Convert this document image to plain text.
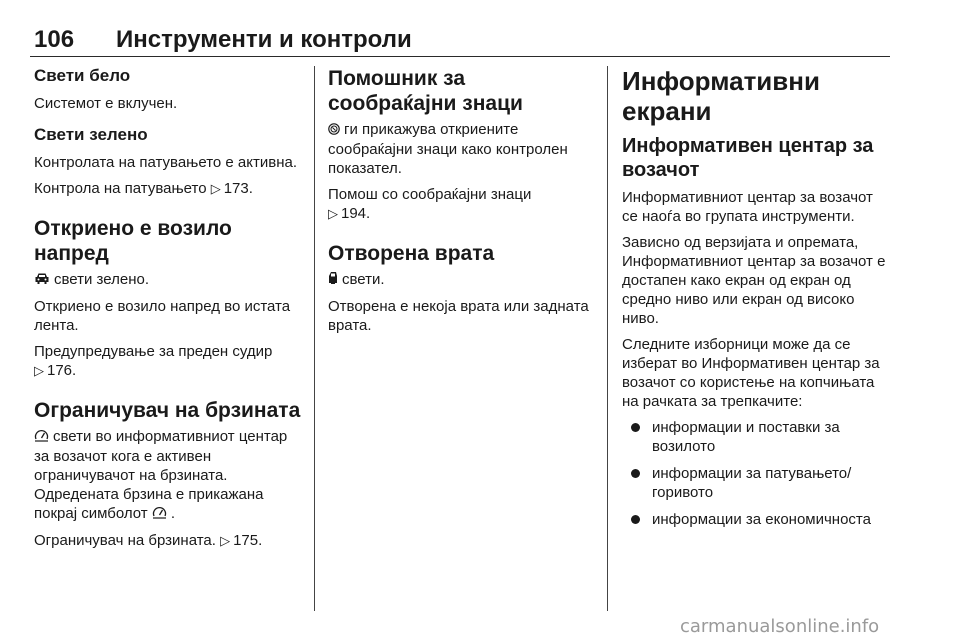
106 Инструменти и контроли
Свети бело

Системот е вклучен.

Свети зелено

Контролата на патувањето е активна.

Контрола на патувањето ▷ 173.

Откриено е возило напред

свети зелено.

Откриено е возило напред во истата лента.

Предупредување за преден судир
▷ 176.

Ограничувач на брзината

свети во информативниот центар за возачот кога е активен ограничувачот на брзината. Одредената брзина е прикажана покрај симболот .

Ограничувач на брзината. ▷ 175.

Помошник за сообраќајни знаци

ги прикажува откриените сообраќајни знаци како контролен показател.

Помош со сообраќајни знаци
▷ 194.

Отворена врата

свети.

Отворена е некоја врата или задната врата.

Информативни екрани
Информативен центар за возачот

Информативниот центар за возачот се наоѓа во групата инструменти.

Зависно од верзијата и опремата, Информативниот центар за возачот е достапен како екран од екран од средно ниво или екран од високо ниво.

Следните изборници може да се изберат во Информативен центар за возачот со користење на копчињата на рачката за трепкачите:

информации и поставки за возилото
информации за патувањето/ горивото
информации за економичноста
carmanualsonline.info
